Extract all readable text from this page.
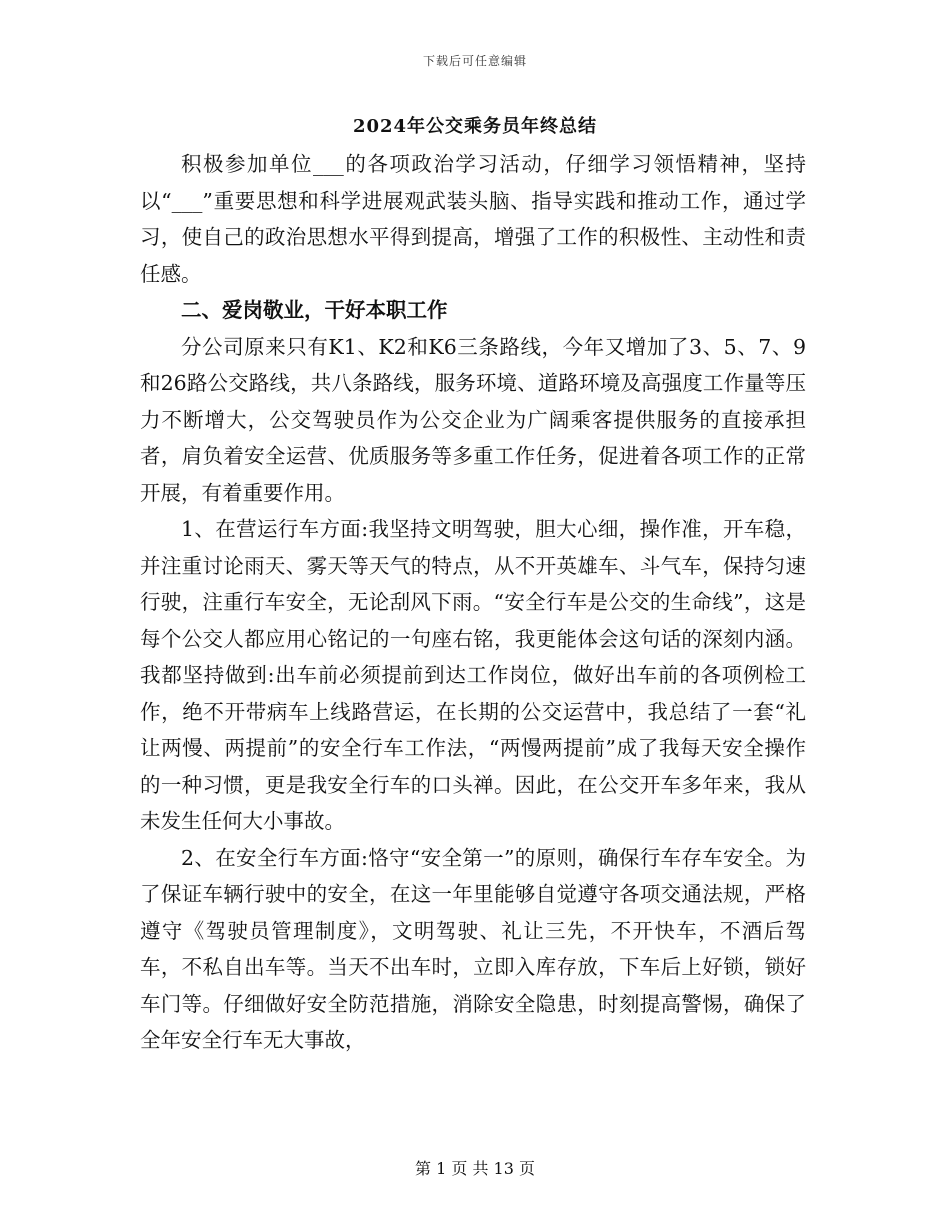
下载后可任意编辑
2024年公交乘务员年终总结

积极参加单位___的各项政治学习活动，仔细学习领悟精神，坚持以“___”重要思想和科学进展观武装头脑、指导实践和推动工作，通过学习，使自己的政治思想水平得到提高，增强了工作的积极性、主动性和责任感。

二、爱岗敬业，干好本职工作

分公司原来只有K1、K2和K6三条路线，今年又增加了3、5、7、9和26路公交路线，共八条路线，服务环境、道路环境及高强度工作量等压力不断增大，公交驾驶员作为公交企业为广阔乘客提供服务的直接承担者，肩负着安全运营、优质服务等多重工作任务，促进着各项工作的正常开展，有着重要作用。

1、在营运行车方面:我坚持文明驾驶，胆大心细，操作准，开车稳，并注重讨论雨天、雾天等天气的特点，从不开英雄车、斗气车，保持匀速行驶，注重行车安全，无论刮风下雨。“安全行车是公交的生命线”，这是每个公交人都应用心铭记的一句座右铭，我更能体会这句话的深刻内涵。我都坚持做到:出车前必须提前到达工作岗位，做好出车前的各项例检工作，绝不开带病车上线路营运，在长期的公交运营中，我总结了一套“礼让两慢、两提前”的安全行车工作法，“两慢两提前”成了我每天安全操作的一种习惯，更是我安全行车的口头禅。因此，在公交开车多年来，我从未发生任何大小事故。

2、在安全行车方面:恪守“安全第一”的原则，确保行车存车安全。为了保证车辆行驶中的安全，在这一年里能够自觉遵守各项交通法规，严格遵守《驾驶员管理制度》，文明驾驶、礼让三先，不开快车，不酒后驾车，不私自出车等。当天不出车时，立即入库存放，下车后上好锁，锁好车门等。仔细做好安全防范措施，消除安全隐患，时刻提高警惕，确保了全年安全行车无大事故，

第 1 页 共 13 页
